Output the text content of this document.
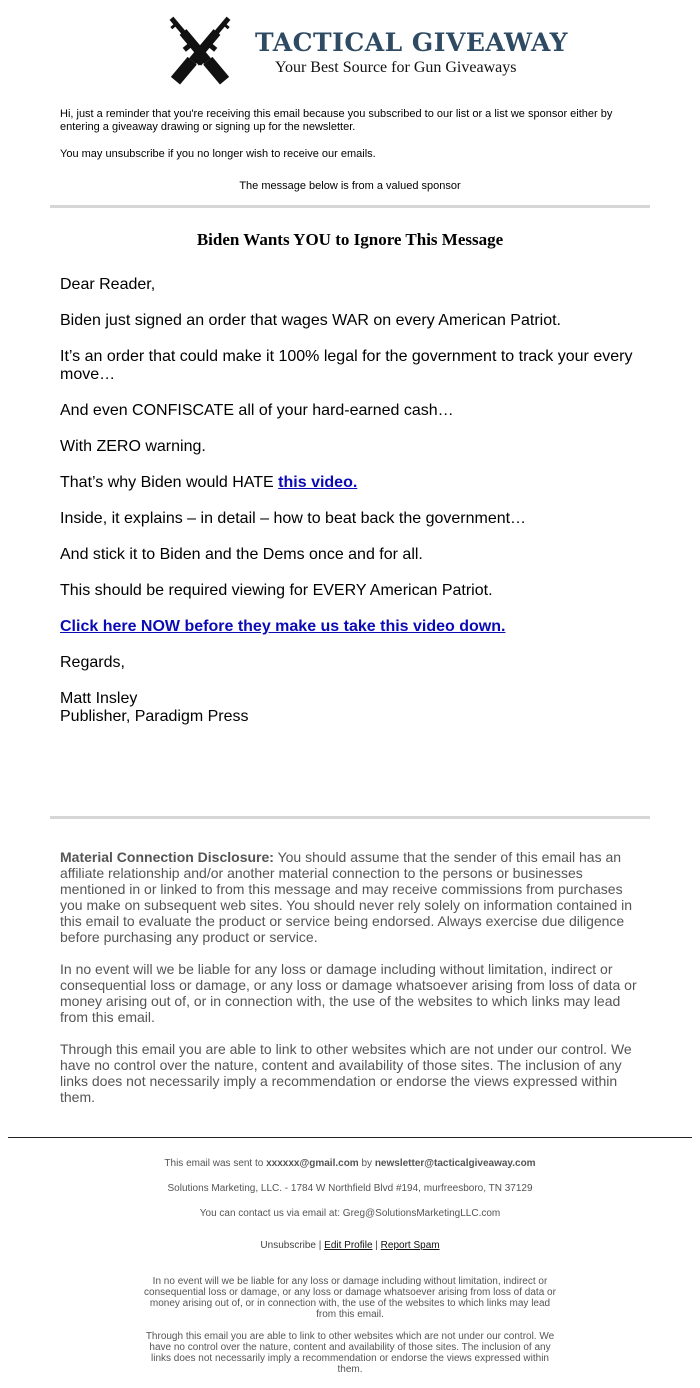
TACTICAL GIVEAWAY
Your Best Source for Gun Giveaways

Hi, just a reminder that you're receiving this email because you subscribed to our list or a list we sponsor either by entering a giveaway drawing or signing up for the newsletter.

You may unsubscribe if you no longer wish to receive our emails.

The message below is from a valued sponsor

Biden Wants YOU to Ignore This Message

Dear Reader,

Biden just signed an order that wages WAR on every American Patriot.

It’s an order that could make it 100% legal for the government to track your every move…

And even CONFISCATE all of your hard-earned cash…

With ZERO warning.

That’s why Biden would HATE this video.

Inside, it explains – in detail – how to beat back the government…

And stick it to Biden and the Dems once and for all.

This should be required viewing for EVERY American Patriot.

Click here NOW before they make us take this video down.

Regards,

Matt Insley
Publisher, Paradigm Press

Material Connection Disclosure: You should assume that the sender of this email has an affiliate relationship and/or another material connection to the persons or businesses mentioned in or linked to from this message and may receive commissions from purchases you make on subsequent web sites. You should never rely solely on information contained in this email to evaluate the product or service being endorsed. Always exercise due diligence before purchasing any product or service.

In no event will we be liable for any loss or damage including without limitation, indirect or consequential loss or damage, or any loss or damage whatsoever arising from loss of data or money arising out of, or in connection with, the use of the websites to which links may lead from this email.

Through this email you are able to link to other websites which are not under our control. We have no control over the nature, content and availability of those sites. The inclusion of any links does not necessarily imply a recommendation or endorse the views expressed within them.

This email was sent to xxxxxx@gmail.com by newsletter@tacticalgiveaway.com

Solutions Marketing, LLC. - 1784 W Northfield Blvd #194, murfreesboro, TN 37129

You can contact us via email at: Greg@SolutionsMarketingLLC.com

Unsubscribe | Edit Profile | Report Spam

In no event will we be liable for any loss or damage including without limitation, indirect or consequential loss or damage, or any loss or damage whatsoever arising from loss of data or money arising out of, or in connection with, the use of the websites to which links may lead from this email.

Through this email you are able to link to other websites which are not under our control. We have no control over the nature, content and availability of those sites. The inclusion of any links does not necessarily imply a recommendation or endorse the views expressed within them.
